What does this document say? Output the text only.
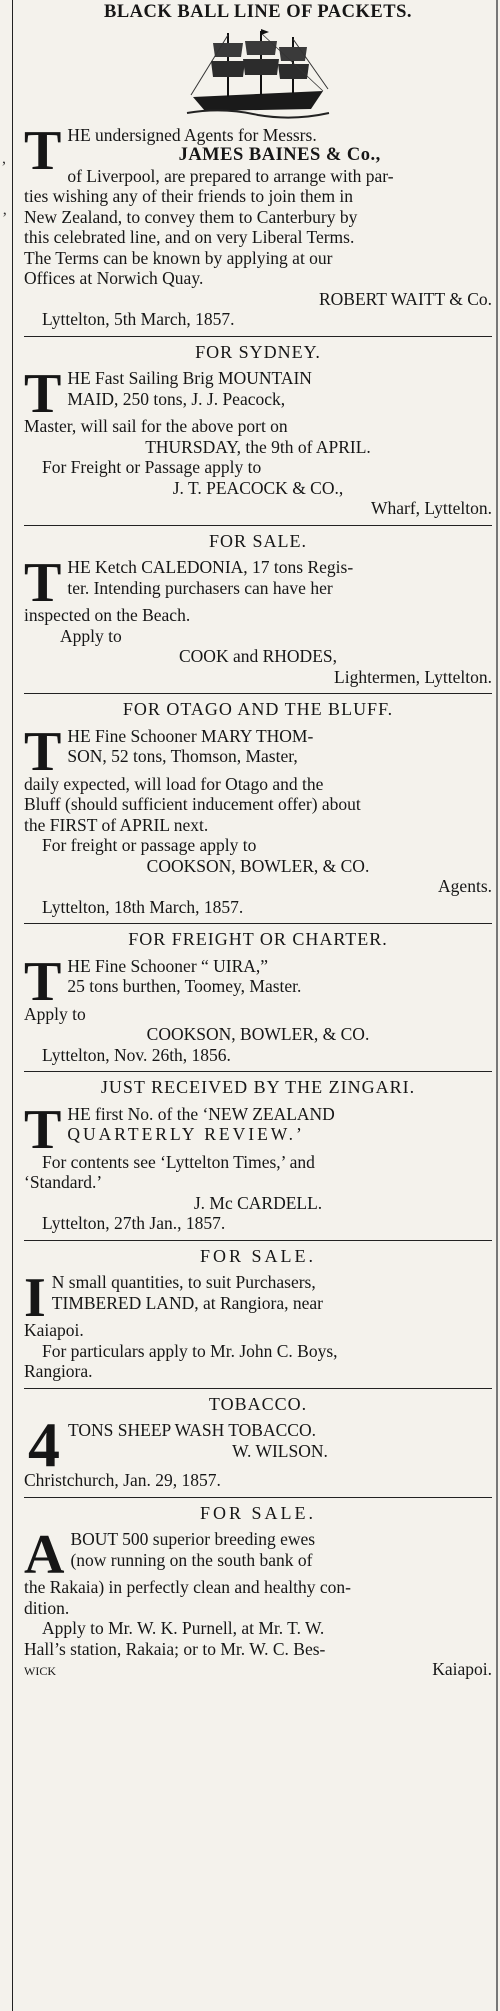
,
’
BLACK BALL LINE OF PACKETS.
T HE undersigned Agents for Messrs.
JAMES BAINES & Co.,
of Liverpool, are prepared to arrange with par-
ties wishing any of their friends to join them in
New Zealand, to convey them to Canterbury by
this celebrated line, and on very Liberal Terms.
The Terms can be known by applying at our
Offices at Norwich Quay.
ROBERT WAITT & Co.
Lyttelton, 5th March, 1857.
FOR SYDNEY.
T HE Fast Sailing Brig MOUNTAIN
MAID, 250 tons, J. J. Peacock,
Master, will sail for the above port on
THURSDAY, the 9th of APRIL.
For Freight or Passage apply to
J. T. PEACOCK & CO.,
Wharf, Lyttelton.
FOR SALE.
T HE Ketch CALEDONIA, 17 tons Regis-
ter. Intending purchasers can have her
inspected on the Beach.
Apply to
COOK and RHODES,
Lightermen, Lyttelton.
FOR OTAGO AND THE BLUFF.
T HE Fine Schooner MARY THOM-
SON, 52 tons, Thomson, Master,
daily expected, will load for Otago and the
Bluff (should sufficient inducement offer) about
the FIRST of APRIL next.
For freight or passage apply to
COOKSON, BOWLER, & CO.
Agents.
Lyttelton, 18th March, 1857.
FOR FREIGHT OR CHARTER.
T HE Fine Schooner “ UIRA,”
25 tons burthen, Toomey, Master.
Apply to
COOKSON, BOWLER, & CO.
Lyttelton, Nov. 26th, 1856.
JUST RECEIVED BY THE ZINGARI.
T HE first No. of the ‘NEW ZEALAND
QUARTERLY REVIEW.’
For contents see ‘Lyttelton Times,’ and
‘Standard.’
J. Mc CARDELL.
Lyttelton, 27th Jan., 1857.
FOR SALE.
I N small quantities, to suit Purchasers,
TIMBERED LAND, at Rangiora, near
Kaiapoi.
For particulars apply to Mr. John C. Boys,
Rangiora.
TOBACCO.
4 TONS SHEEP WASH TOBACCO.
W. WILSON.
Christchurch, Jan. 29, 1857.
FOR SALE.
A BOUT 500 superior breeding ewes
(now running on the south bank of
the Rakaia) in perfectly clean and healthy con-
dition.
Apply to Mr. W. K. Purnell, at Mr. T. W.
Hall’s station, Rakaia; or to Mr. W. C. Bes-
wick	Kaiapoi.
